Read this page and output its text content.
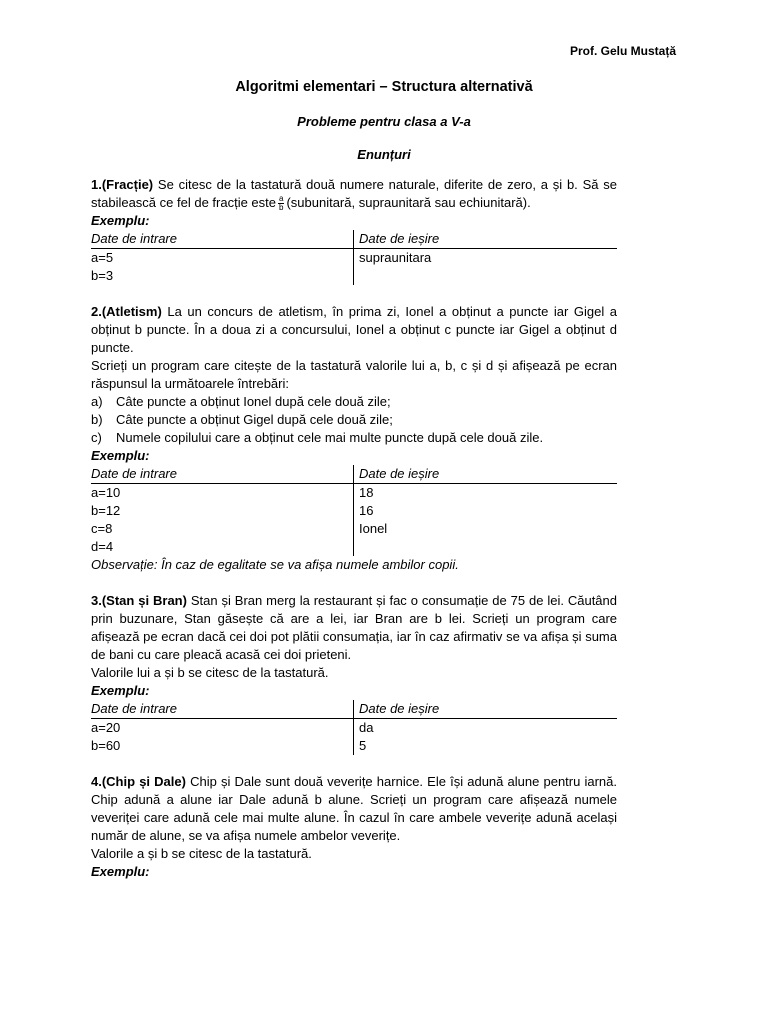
Prof. Gelu Mustață
Algoritmi elementari – Structura alternativă
Probleme pentru clasa a V-a
Enunțuri

1.(Fracție) Se citesc de la tastatură două numere naturale, diferite de zero, a și b. Să se stabilească ce fel de fracție este $\frac{a}{b}$ (subunitară, supraunitară sau echiunitară).

Exemplu:

Date de intrare	Date de ieșire
a=5	supraunitara
b=3	

2.(Atletism) La un concurs de atletism, în prima zi, Ionel a obținut a puncte iar Gigel a obținut b puncte. În a doua zi a concursului, Ionel a obținut c puncte iar Gigel a obținut d puncte.

Scrieți un program care citește de la tastatură valorile lui a, b, c și d și afișează pe ecran răspunsul la următoarele întrebări:

a)	Câte puncte a obținut Ionel după cele două zile;
b)	Câte puncte a obținut Gigel după cele două zile;
c)	Numele copilului care a obținut cele mai multe puncte după cele două zile.

Exemplu:

Date de intrare	Date de ieșire
a=10	18
b=12	16
c=8	Ionel
d=4	

Observație: În caz de egalitate se va afișa numele ambilor copii.

3.(Stan și Bran) Stan și Bran merg la restaurant și fac o consumație de 75 de lei. Căutând prin buzunare, Stan găsește că are a lei, iar Bran are b lei. Scrieți un program care afișează pe ecran dacă cei doi pot plătii consumația, iar în caz afirmativ se va afișa și suma de bani cu care pleacă acasă cei doi prieteni.

Valorile lui a și b se citesc de la tastatură.

Exemplu:

Date de intrare	Date de ieșire
a=20	da
b=60	5

4.(Chip și Dale) Chip și Dale sunt două veverițe harnice. Ele își adună alune pentru iarnă. Chip adună a alune iar Dale adună b alune. Scrieți un program care afișează numele veveriței care adună cele mai multe alune. În cazul în care ambele veverițe adună același număr de alune, se va afișa numele ambelor veverițe.

Valorile a și b se citesc de la tastatură.

Exemplu:
